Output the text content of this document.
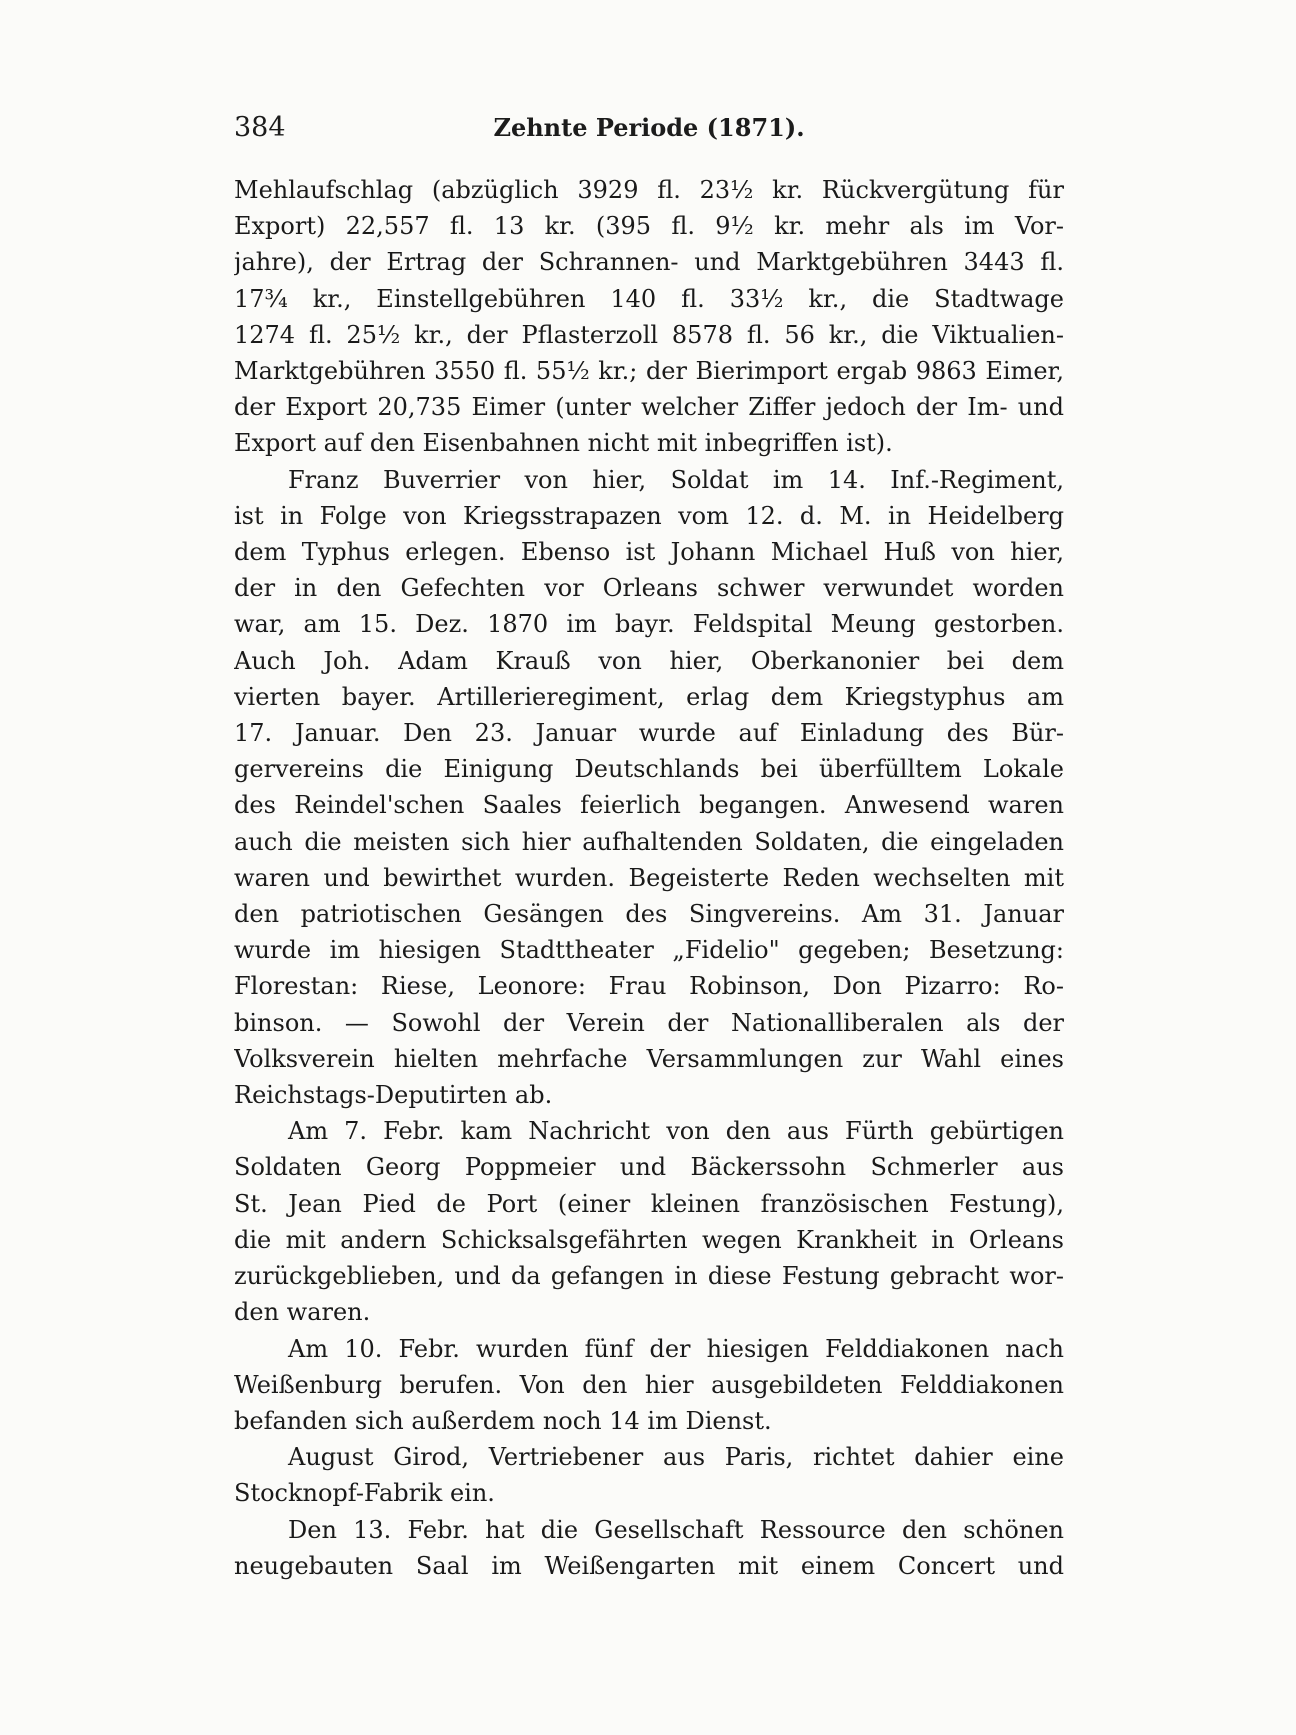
384	Zehnte Periode (1871).
Mehlaufschlag (abzüglich 3929 fl. 23½ kr. Rückvergütung für
Export) 22,557 fl. 13 kr. (395 fl. 9½ kr. mehr als im Vor-
jahre), der Ertrag der Schrannen- und Marktgebühren 3443 fl.
17¾ kr., Einstellgebühren 140 fl. 33½ kr., die Stadtwage
1274 fl. 25½ kr., der Pflasterzoll 8578 fl. 56 kr., die Viktualien-
Marktgebühren 3550 fl. 55½ kr.; der Bierimport ergab 9863 Eimer,
der Export 20,735 Eimer (unter welcher Ziffer jedoch der Im- und
Export auf den Eisenbahnen nicht mit inbegriffen ist).
Franz Buverrier von hier, Soldat im 14. Inf.-Regiment,
ist in Folge von Kriegsstrapazen vom 12. d. M. in Heidelberg
dem Typhus erlegen. Ebenso ist Johann Michael Huß von hier,
der in den Gefechten vor Orleans schwer verwundet worden
war, am 15. Dez. 1870 im bayr. Feldspital Meung gestorben.
Auch Joh. Adam Krauß von hier, Oberkanonier bei dem
vierten bayer. Artillerieregiment, erlag dem Kriegstyphus am
17. Januar. Den 23. Januar wurde auf Einladung des Bür-
gervereins die Einigung Deutschlands bei überfülltem Lokale
des Reindel'schen Saales feierlich begangen. Anwesend waren
auch die meisten sich hier aufhaltenden Soldaten, die eingeladen
waren und bewirthet wurden. Begeisterte Reden wechselten mit
den patriotischen Gesängen des Singvereins. Am 31. Januar
wurde im hiesigen Stadttheater „Fidelio" gegeben; Besetzung:
Florestan: Riese, Leonore: Frau Robinson, Don Pizarro: Ro-
binson. — Sowohl der Verein der Nationalliberalen als der
Volksverein hielten mehrfache Versammlungen zur Wahl eines
Reichstags-Deputirten ab.
Am 7. Febr. kam Nachricht von den aus Fürth gebürtigen
Soldaten Georg Poppmeier und Bäckerssohn Schmerler aus
St. Jean Pied de Port (einer kleinen französischen Festung),
die mit andern Schicksalsgefährten wegen Krankheit in Orleans
zurückgeblieben, und da gefangen in diese Festung gebracht wor-
den waren.
Am 10. Febr. wurden fünf der hiesigen Felddiakonen nach
Weißenburg berufen. Von den hier ausgebildeten Felddiakonen
befanden sich außerdem noch 14 im Dienst.
August Girod, Vertriebener aus Paris, richtet dahier eine
Stocknopf-Fabrik ein.
Den 13. Febr. hat die Gesellschaft Ressource den schönen
neugebauten Saal im Weißengarten mit einem Concert und
